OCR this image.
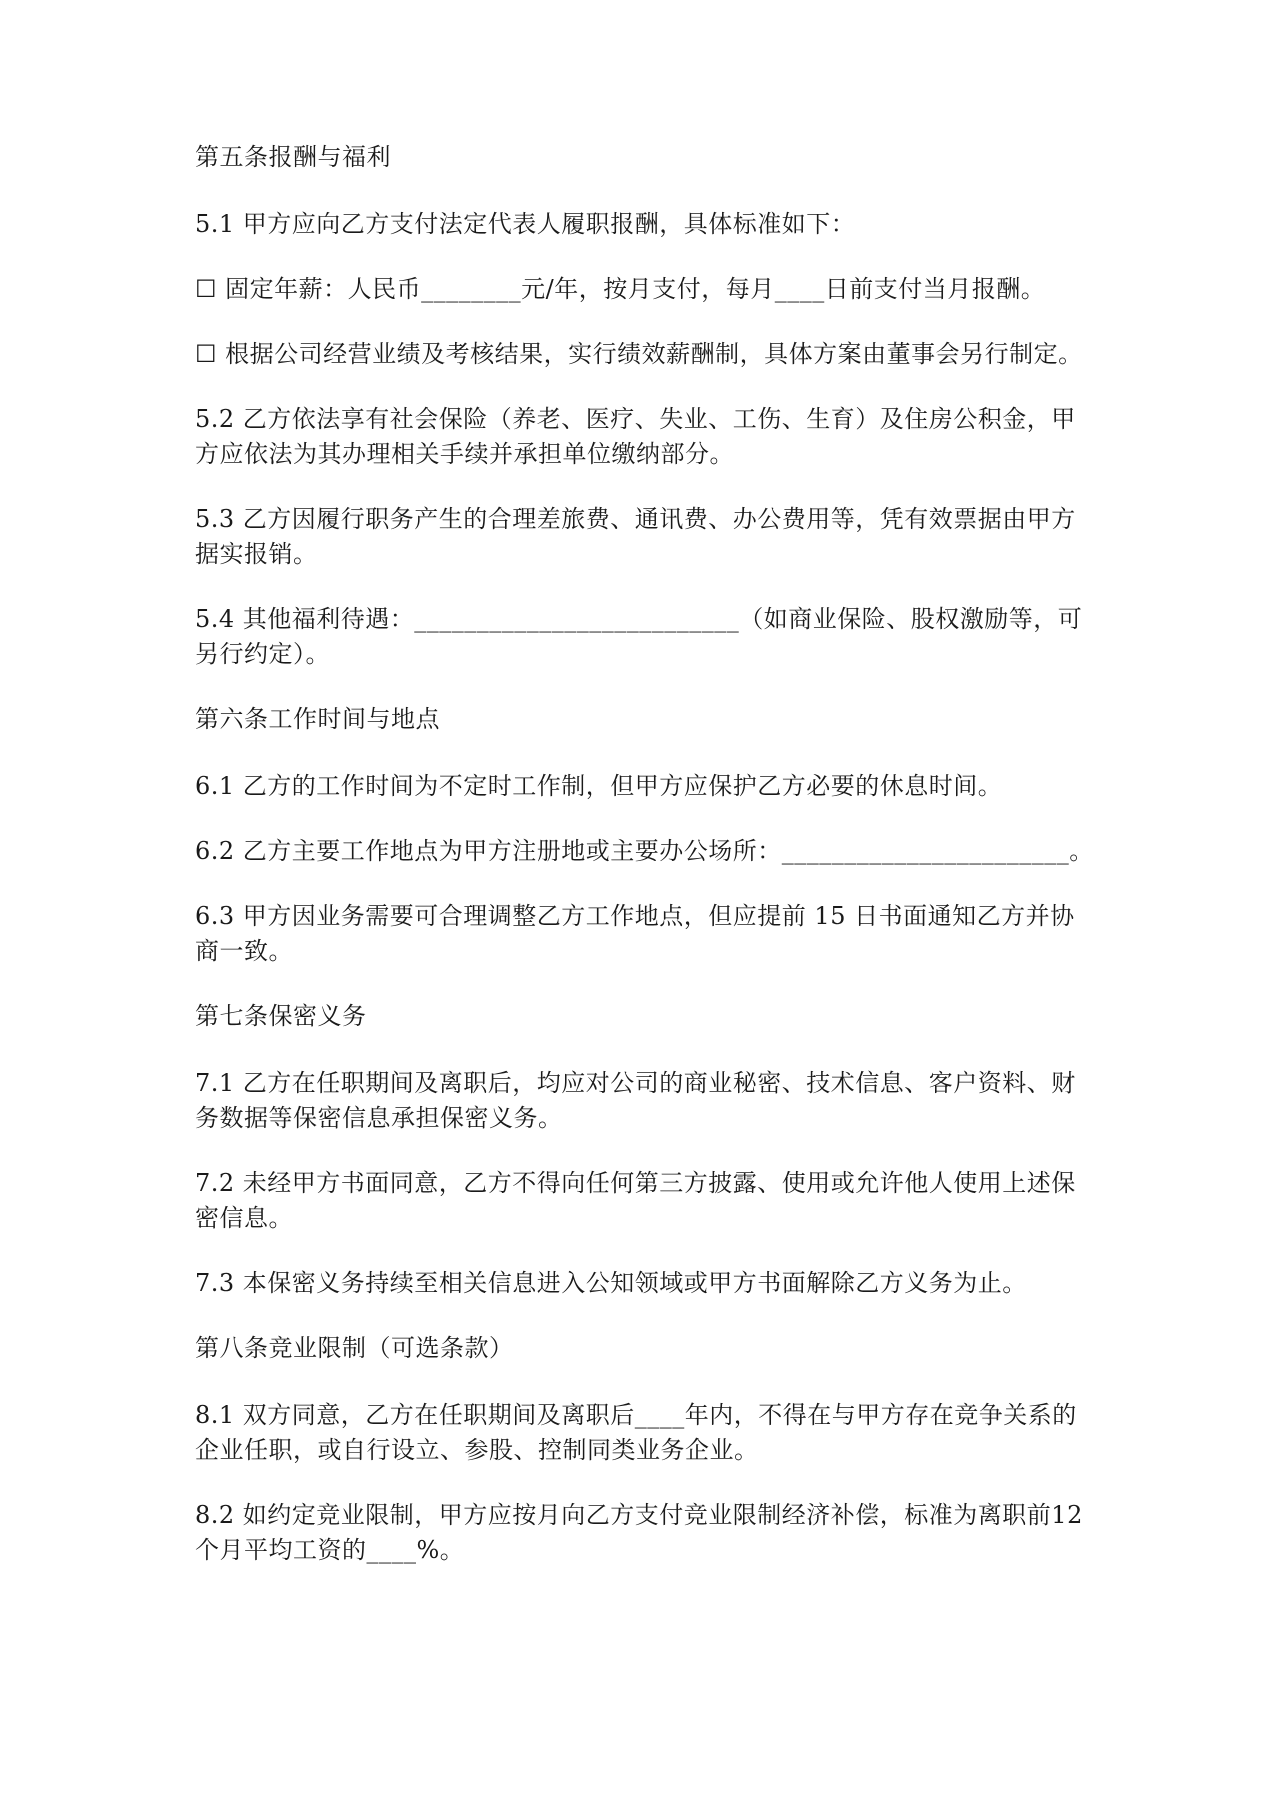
第五条报酬与福利

5.1 甲方应向乙方支付法定代表人履职报酬，具体标准如下：

☐ 固定年薪：人民币________元/年，按月支付，每月____日前支付当月报酬。

☐ 根据公司经营业绩及考核结果，实行绩效薪酬制，具体方案由董事会另行制定。

5.2 乙方依法享有社会保险（养老、医疗、失业、工伤、生育）及住房公积金，甲方应依法为其办理相关手续并承担单位缴纳部分。

5.3 乙方因履行职务产生的合理差旅费、通讯费、办公费用等，凭有效票据由甲方据实报销。

5.4 其他福利待遇：__________________________（如商业保险、股权激励等，可另行约定）。

第六条工作时间与地点

6.1 乙方的工作时间为不定时工作制，但甲方应保护乙方必要的休息时间。

6.2 乙方主要工作地点为甲方注册地或主要办公场所：_______________________。

6.3 甲方因业务需要可合理调整乙方工作地点，但应提前 15 日书面通知乙方并协商一致。

第七条保密义务

7.1 乙方在任职期间及离职后，均应对公司的商业秘密、技术信息、客户资料、财务数据等保密信息承担保密义务。

7.2 未经甲方书面同意，乙方不得向任何第三方披露、使用或允许他人使用上述保密信息。

7.3 本保密义务持续至相关信息进入公知领域或甲方书面解除乙方义务为止。

第八条竞业限制（可选条款）

8.1 双方同意，乙方在任职期间及离职后____年内，不得在与甲方存在竞争关系的企业任职，或自行设立、参股、控制同类业务企业。

8.2 如约定竞业限制，甲方应按月向乙方支付竞业限制经济补偿，标准为离职前12 个月平均工资的____%。
